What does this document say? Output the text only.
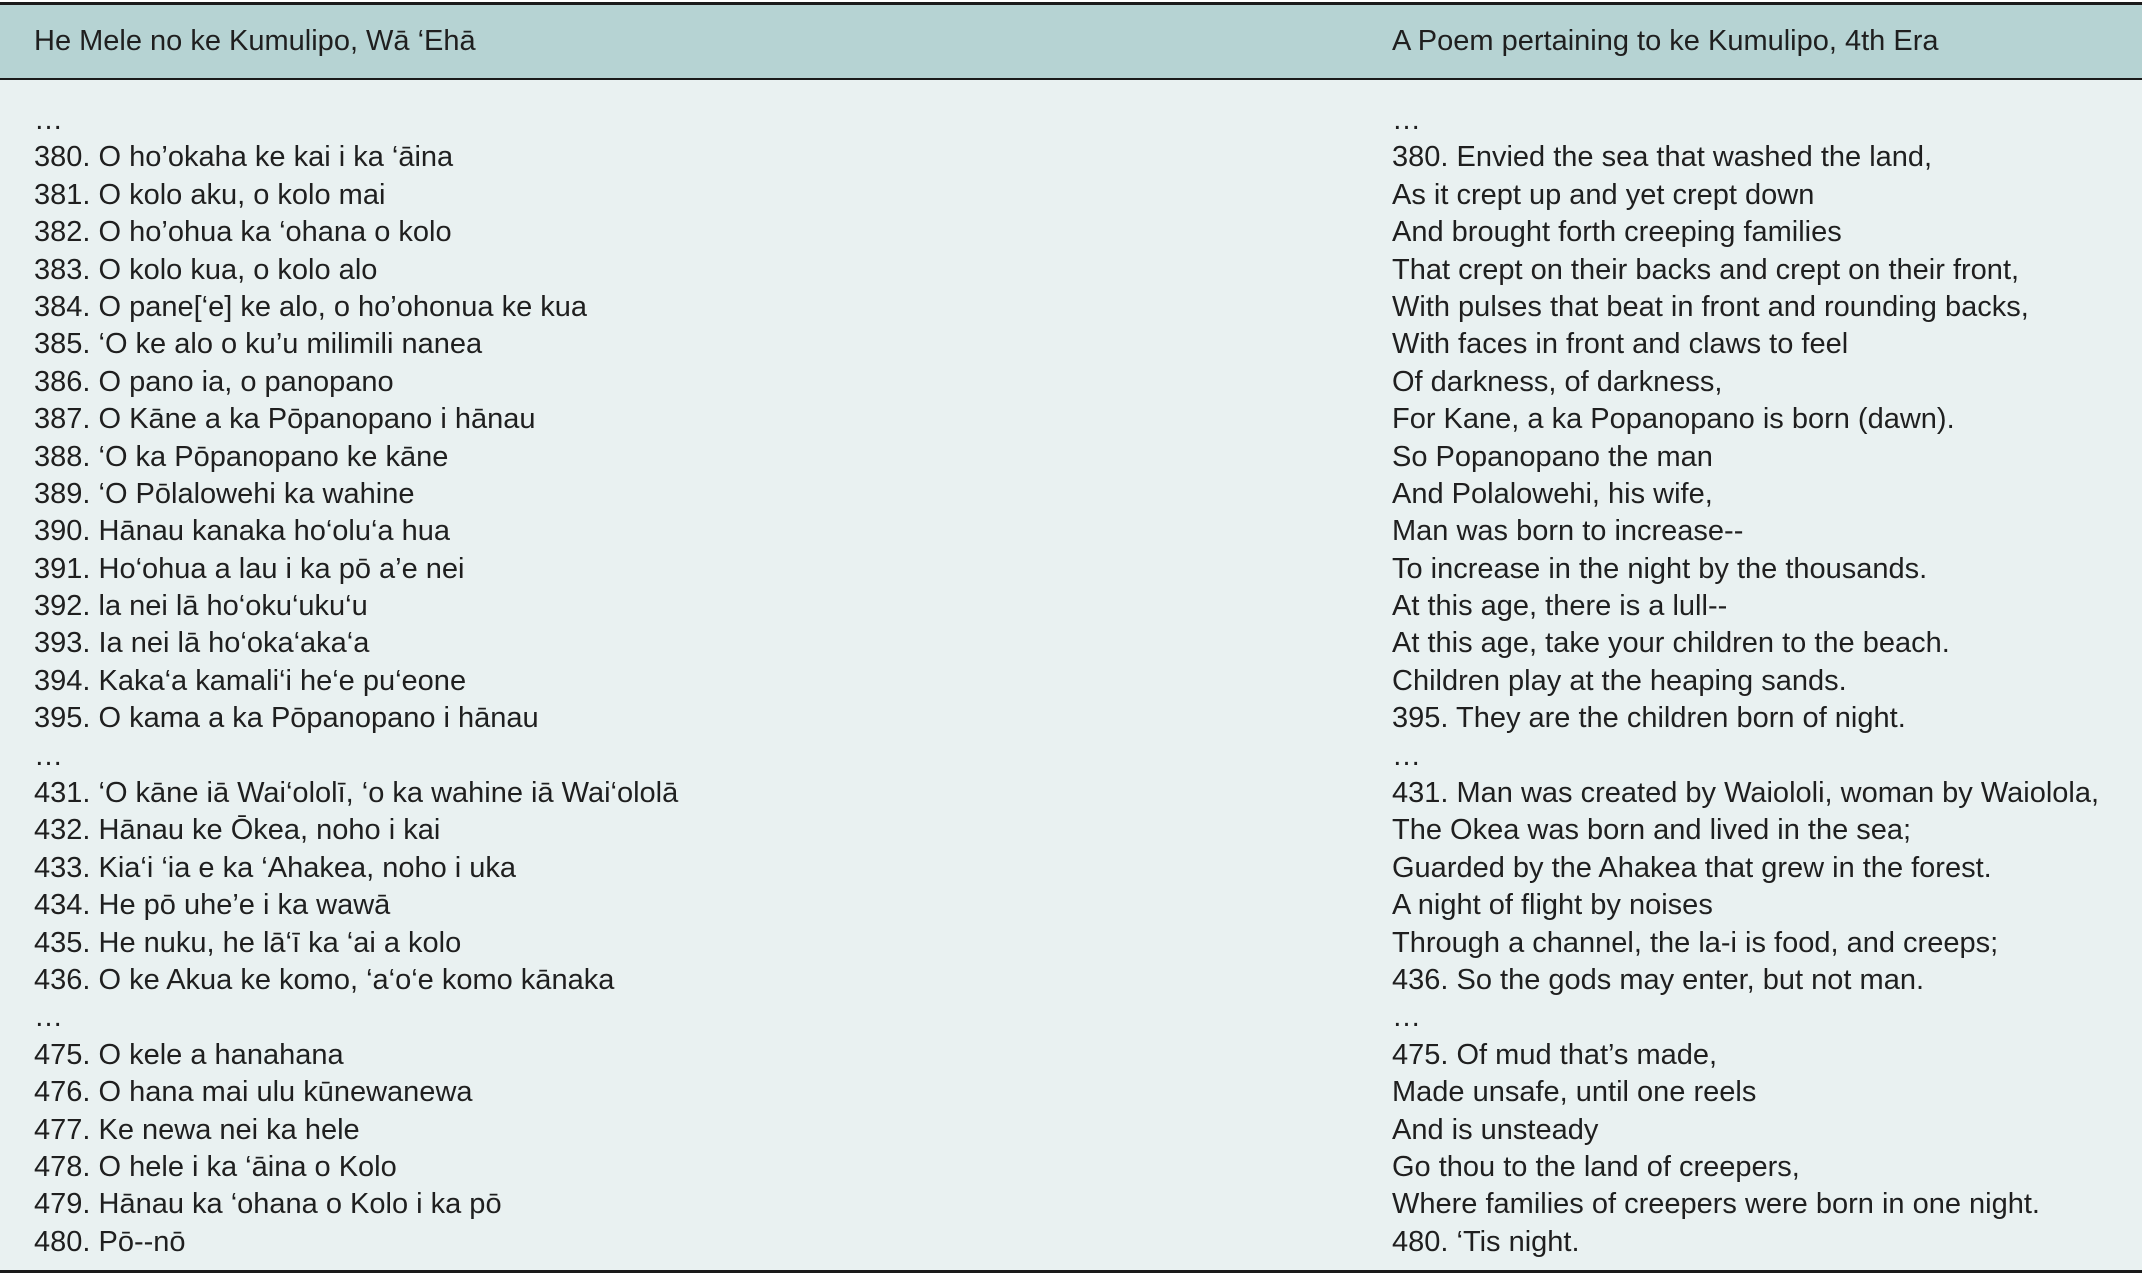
He Mele no ke Kumulipo, Wā ‘Ehā	A Poem pertaining to ke Kumulipo, 4th Era
…
380. O ho’okaha ke kai i ka ‘āina
381. O kolo aku, o kolo mai
382. O ho’ohua ka ‘ohana o kolo
383. O kolo kua, o kolo alo
384. O pane[‘e] ke alo, o ho’ohonua ke kua
385. ‘O ke alo o ku’u milimili nanea
386. O pano ia, o panopano
387. O Kāne a ka Pōpanopano i hānau
388. ‘O ka Pōpanopano ke kāne
389. ‘O Pōlalowehi ka wahine
390. Hānau kanaka ho‘olu‘a hua
391. Ho‘ohua a lau i ka pō a’e nei
392. la nei lā ho‘oku‘uku‘u
393. Ia nei lā ho‘oka‘aka‘a
394. Kaka‘a kamali‘i he‘e pu‘eone
395. O kama a ka Pōpanopano i hānau
…
431. ‘O kāne iā Wai‘ololī, ‘o ka wahine iā Wai‘ololā
432. Hānau ke Ōkea, noho i kai
433. Kia‘i ‘ia e ka ‘Ahakea, noho i uka
434. He pō uhe’e i ka wawā
435. He nuku, he lā‘ī ka ‘ai a kolo
436. O ke Akua ke komo, ‘a‘o‘e komo kānaka
…
475. O kele a hanahana
476. O hana mai ulu kūnewanewa
477. Ke newa nei ka hele
478. O hele i ka ‘āina o Kolo
479. Hānau ka ‘ohana o Kolo i ka pō
480. Pō--nō
…
380. Envied the sea that washed the land,
As it crept up and yet crept down
And brought forth creeping families
That crept on their backs and crept on their front,
With pulses that beat in front and rounding backs,
With faces in front and claws to feel
Of darkness, of darkness,
For Kane, a ka Popanopano is born (dawn).
So Popanopano the man
And Polalowehi, his wife,
Man was born to increase--
To increase in the night by the thousands.
At this age, there is a lull--
At this age, take your children to the beach.
Children play at the heaping sands.
395. They are the children born of night.
…
431. Man was created by Waiololi, woman by Waiolola,
The Okea was born and lived in the sea;
Guarded by the Ahakea that grew in the forest.
A night of flight by noises
Through a channel, the la-i is food, and creeps;
436. So the gods may enter, but not man.
…
475. Of mud that’s made,
Made unsafe, until one reels
And is unsteady
Go thou to the land of creepers,
Where families of creepers were born in one night.
480. ‘Tis night.
